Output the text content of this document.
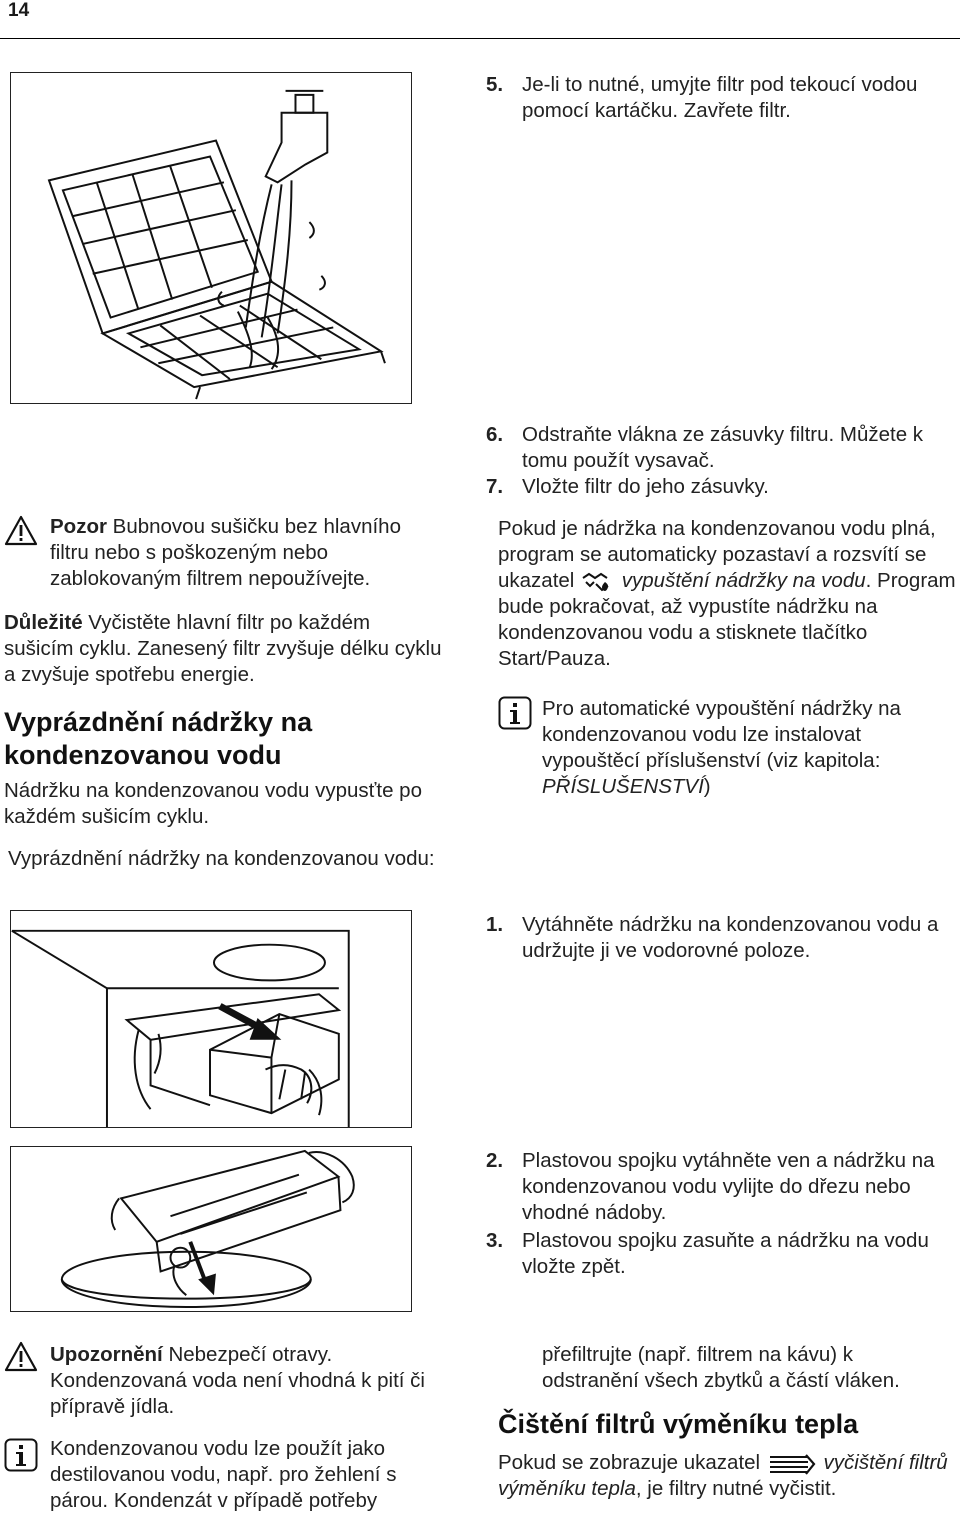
14
Pozor Bubnovou sušičku bez hlavního filtru nebo s poškozeným nebo zablokovaným filtrem nepoužívejte.
Důležité Vyčistěte hlavní filtr po každém sušicím cyklu. Zanesený filtr zvyšuje délku cyklu a zvyšuje spotřebu energie.
Vyprázdnění nádržky na kondenzovanou vodu
Nádržku na kondenzovanou vodu vypusťte po každém sušicím cyklu.
Vyprázdnění nádržky na kondenzovanou vodu:
Upozornění Nebezpečí otravy. Kondenzovaná voda není vhodná k pití či přípravě jídla.
Kondenzovanou vodu lze použít jako destilovanou vodu, např. pro žehlení s párou. Kondenzát v případě potřeby
5. Je-li to nutné, umyjte filtr pod tekoucí vodou pomocí kartáčku. Zavřete filtr.
6. Odstraňte vlákna ze zásuvky filtru. Můžete k tomu použít vysavač.
7. Vložte filtr do jeho zásuvky.
Pokud je nádržka na kondenzovanou vodu plná, program se automaticky pozastaví a rozsvítí se ukazatel vypuštění nádržky na vodu. Program bude pokračovat, až vypustíte nádržku na kondenzovanou vodu a stisknete tlačítko Start/Pauza.
Pro automatické vypouštění nádržky na kondenzovanou vodu lze instalovat vypouštěcí příslušenství (viz kapitola: PŘÍSLUŠENSTVÍ)
1. Vytáhněte nádržku na kondenzovanou vodu a udržujte ji ve vodorovné poloze.
2. Plastovou spojku vytáhněte ven a nádržku na kondenzovanou vodu vylijte do dřezu nebo vhodné nádoby.
3. Plastovou spojku zasuňte a nádržku na vodu vložte zpět.
přefiltrujte (např. filtrem na kávu) k odstranění všech zbytků a částí vláken.
Čištění filtrů výměníku tepla
Pokud se zobrazuje ukazatel	vyčištění filtrů výměníku tepla, je filtry nutné vyčistit.
